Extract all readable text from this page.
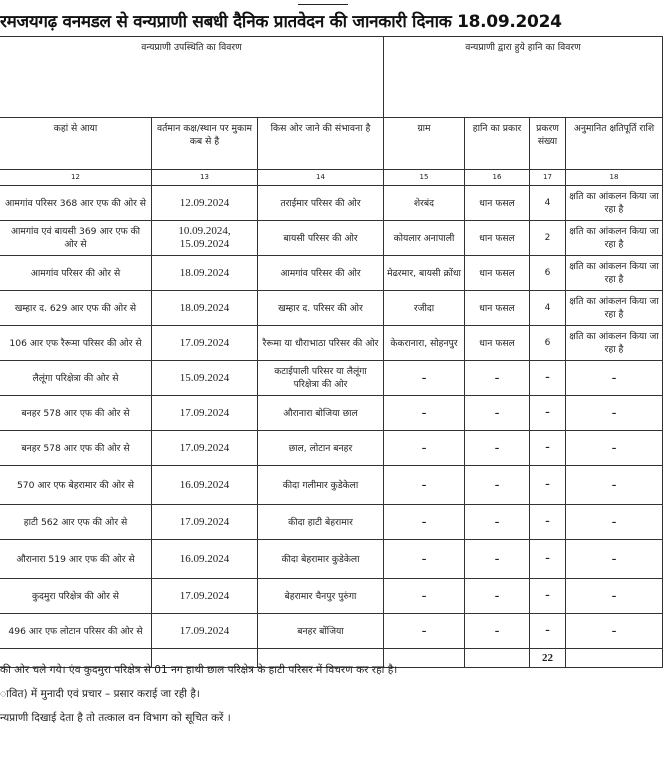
रमजयगढ़ वनमडल से वन्यप्राणी सबधी दैनिक प्रातवेदन की जानकारी दिनाक 18.09.2024
वन्यप्राणी उपस्थिति का विवरण			वन्यप्राणी द्वारा हुये हानि का विवरण			
कहां से आया	वर्तमान कक्ष/स्थान पर मुकाम कब से है	किस ओर जाने की संभावना है	ग्राम	हानि का प्रकार	प्रकरण संख्या	अनुमानित क्षतिपूर्ति राशि
12	13	14	15	16	17	18
आमगांव परिसर 368 आर एफ की ओर से	12.09.2024	तराईमार परिसर की ओर	शेरबंद	धान फसल	4	क्षति का आंकलन किया जा रहा है
आमगांव एवं बायसी 369 आर एफ की ओर से	10.09.2024, 15.09.2024	बायसी परिसर की ओर	कोयलार अनापाली	धान फसल	2	क्षति का आंकलन किया जा रहा है
आमगांव परिसर की ओर से	18.09.2024	आमगांव परिसर की ओर	मेढरमार, बायसी क्रोंधा	धान फसल	6	क्षति का आंकलन किया जा रहा है
खम्हार द. 629 आर एफ की ओर से	18.09.2024	खम्हार द. परिसर की ओर	रजीदा	धान फसल	4	क्षति का आंकलन किया जा रहा है
106 आर एफ रैरूमा परिसर की ओर से	17.09.2024	रैरूमा या धौराभाठा परिसर की ओर	केकरानारा, सोहनपुर	धान फसल	6	क्षति का आंकलन किया जा रहा है
लैलूंगा परिक्षेत्रा की ओर से	15.09.2024	कटाईपाली परिसर या लैलूंगा परिक्षेत्रा की ओर	–	–	–	–
बनहर 578 आर एफ की ओर से	17.09.2024	औरानारा बोजिया छाल	–	–	–	–
बनहर 578 आर एफ की ओर से	17.09.2024	छाल, लोटान बनहर	–	–	–	–
570 आर एफ बेहरामार की ओर से	16.09.2024	कीदा गलीमार कुडेकेला	–	–	–	–
हाटी 562 आर एफ की ओर से	17.09.2024	कीदा हाटी बेहरामार	–	–	–	–
औरानारा 519 आर एफ की ओर से	16.09.2024	कीदा बेहरामार कुडेकेला	–	–	–	–
कुदमुरा परिक्षेत्र की ओर से	17.09.2024	बेहरामार चैनपुर पुरुंगा	–	–	–	–
496 आर एफ लोटान परिसर की ओर से	17.09.2024	बनहर बोंजिया	–	–	–	–
					22	
की ओर चले गये। एंव कुदमुरा परिक्षेत्र से 01 नग हाथी छाल परिक्षेत्र के हाटी परिसर में विचरण कर रहा है।
ावित) में मुनादी एवं प्रचार – प्रसार कराई जा रही है।
न्यप्राणी दिखाई देता है तो तत्काल वन विभाग को सूचित करें ।
